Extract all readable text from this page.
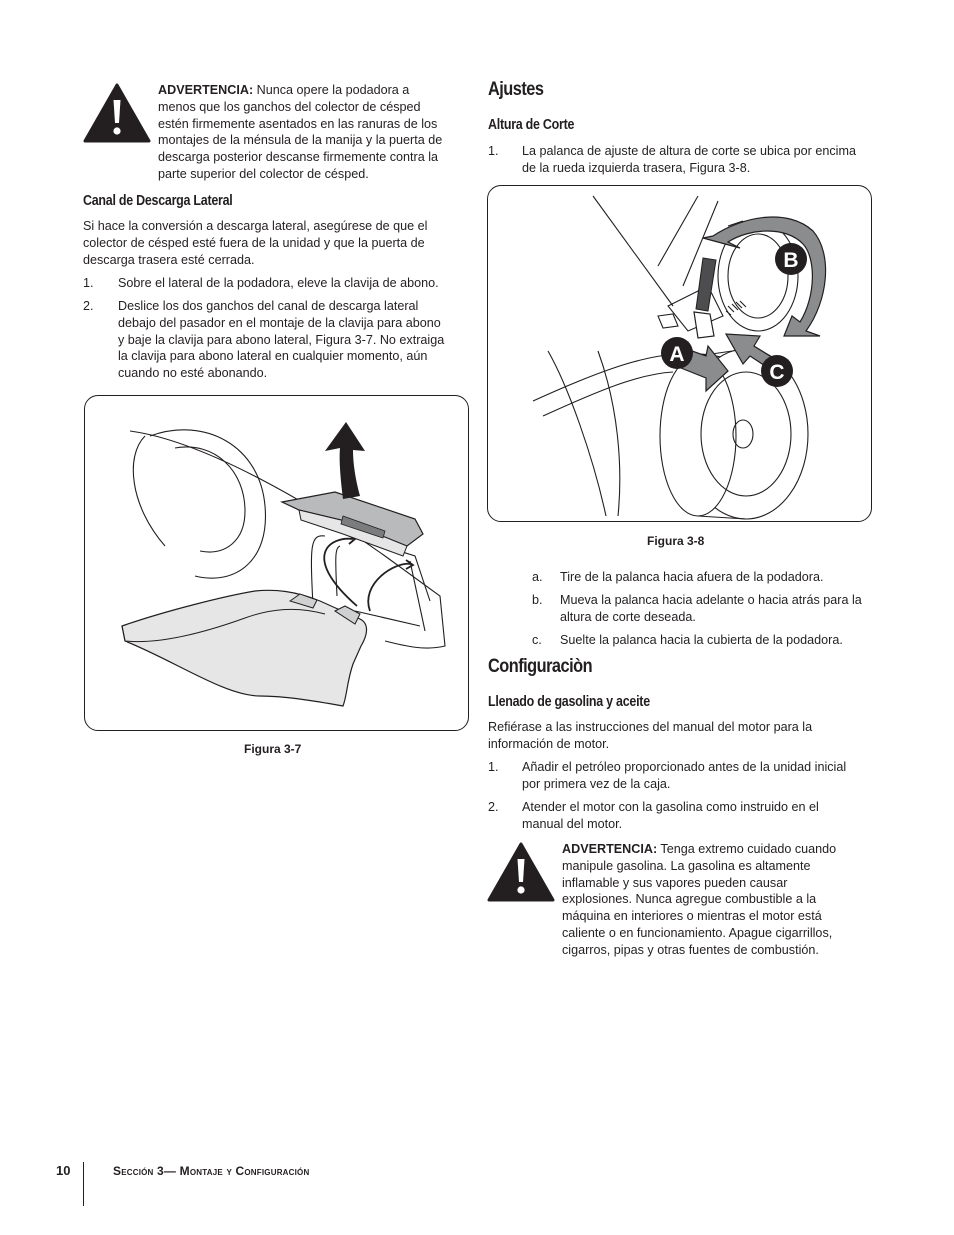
ADVERTENCIA: Nunca opere la podadora a

menos que los ganchos del colector de césped

estén firmemente asentados en las ranuras de los

montajes de la ménsula de la manija y la puerta de

descarga posterior descanse firmemente contra la

parte superior del colector de césped.

Canal de Descarga Lateral

Si hace la conversión a descarga lateral, asegúrese de que el

colector de césped esté fuera de la unidad y que la puerta de

descarga trasera esté cerrada.

1. Sobre el lateral de la podadora, eleve la clavija de abono.

2. Deslice los dos ganchos del canal de descarga lateral

debajo del pasador en el montaje de la clavija para abono

y baje la clavija para abono lateral, Figura 3-7. No extraiga

la clavija para abono lateral en cualquier momento, aún

cuando no esté abonando.

Figura 3-7
Ajustes
Altura de Corte
1. La palanca de ajuste de altura de corte se ubica por encima

de la rueda izquierda trasera, Figura 3-8.

B
A
C
Figura 3-8
a. Tire de la palanca hacia afuera de la podadora.

b. Mueva la palanca hacia adelante o hacia atrás para la

altura de corte deseada.

c. Suelte la palanca hacia la cubierta de la podadora.

Configuraciòn
Llenado de gasolina y aceite

Refiérase a las instrucciones del manual del motor para la

información de motor.

1. Añadir el petróleo proporcionado antes de la unidad inicial

por primera vez de la caja.

2. Atender el motor con la gasolina como instruido en el

manual del motor.

ADVERTENCIA: Tenga extremo cuidado cuando

manipule gasolina. La gasolina es altamente

inflamable y sus vapores pueden causar

explosiones. Nunca agregue combustible a la

máquina en interiores o mientras el motor está

caliente o en funcionamiento. Apague cigarrillos,

cigarros, pipas y otras fuentes de combustión.

10	Sección 3— Montaje y Configuración
